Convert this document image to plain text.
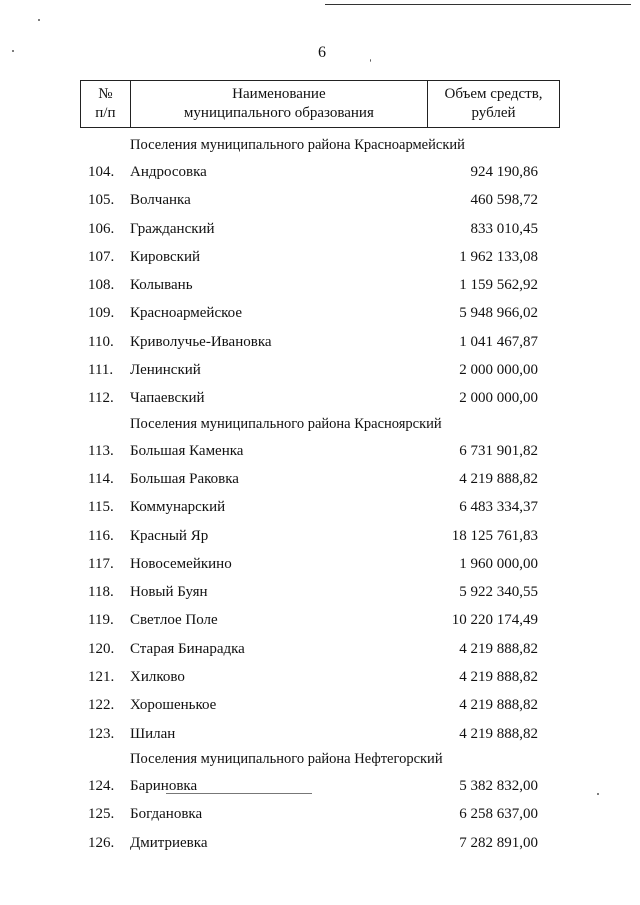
6
№
п/п

Наименование
муниципального образования

Объем средств,
рублей
Поселения муниципального района Красноармейский
104. Андросовка	924 190,86
105. Волчанка	460 598,72
106. Гражданский	833 010,45
107. Кировский	1 962 133,08
108. Колывань	1 159 562,92
109. Красноармейское	5 948 966,02
110. Криволучье-Ивановка	1 041 467,87
111. Ленинский	2 000 000,00
112. Чапаевский	2 000 000,00
Поселения муниципального района Красноярский
113. Большая Каменка	6 731 901,82
114. Большая Раковка	4 219 888,82
115. Коммунарский	6 483 334,37
116. Красный Яр	18 125 761,83
117. Новосемейкино	1 960 000,00
118. Новый Буян	5 922 340,55
119. Светлое Поле	10 220 174,49
120. Старая Бинарадка	4 219 888,82
121. Хилково	4 219 888,82
122. Хорошенькое	4 219 888,82
123. Шилан	4 219 888,82
Поселения муниципального района Нефтегорский
124. Бариновка	5 382 832,00
125. Богдановка	6 258 637,00
126. Дмитриевка	7 282 891,00
